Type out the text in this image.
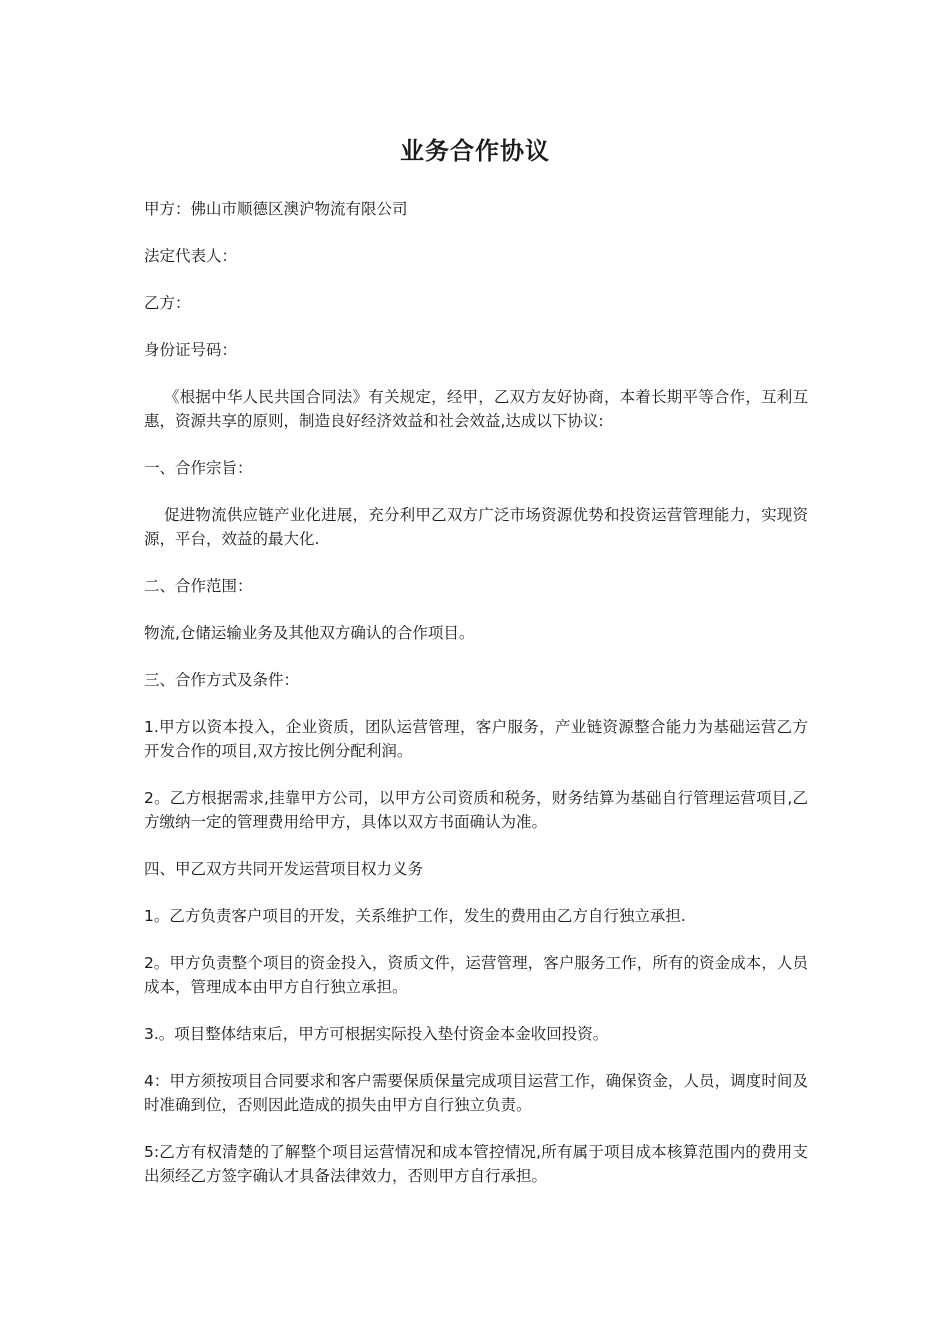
业务合作协议

甲方：佛山市顺德区澳沪物流有限公司

法定代表人：

乙方：

身份证号码：

《根据中华人民共国合同法》有关规定，经甲，乙双方友好协商，本着长期平等合作，互利互惠，资源共享的原则，制造良好经济效益和社会效益,达成以下协议:

一、合作宗旨：

促进物流供应链产业化进展，充分利甲乙双方广泛市场资源优势和投资运营管理能力，实现资源，平台，效益的最大化.

二、合作范围：

物流,仓储运输业务及其他双方确认的合作项目。

三、合作方式及条件：

1.甲方以资本投入，企业资质，团队运营管理，客户服务，产业链资源整合能力为基础运营乙方开发合作的项目,双方按比例分配利润。

2。乙方根据需求,挂靠甲方公司，以甲方公司资质和税务，财务结算为基础自行管理运营项目,乙方缴纳一定的管理费用给甲方，具体以双方书面确认为准。

四、甲乙双方共同开发运营项目权力义务

1。乙方负责客户项目的开发，关系维护工作，发生的费用由乙方自行独立承担.

2。甲方负责整个项目的资金投入，资质文件，运营管理，客户服务工作，所有的资金成本，人员成本，管理成本由甲方自行独立承担。

3.。项目整体结束后，甲方可根据实际投入垫付资金本金收回投资。

4：甲方须按项目合同要求和客户需要保质保量完成项目运营工作，确保资金，人员，调度时间及时准确到位，否则因此造成的损失由甲方自行独立负责。

5:乙方有权清楚的了解整个项目运营情况和成本管控情况,所有属于项目成本核算范围内的费用支出须经乙方签字确认才具备法律效力，否则甲方自行承担。
